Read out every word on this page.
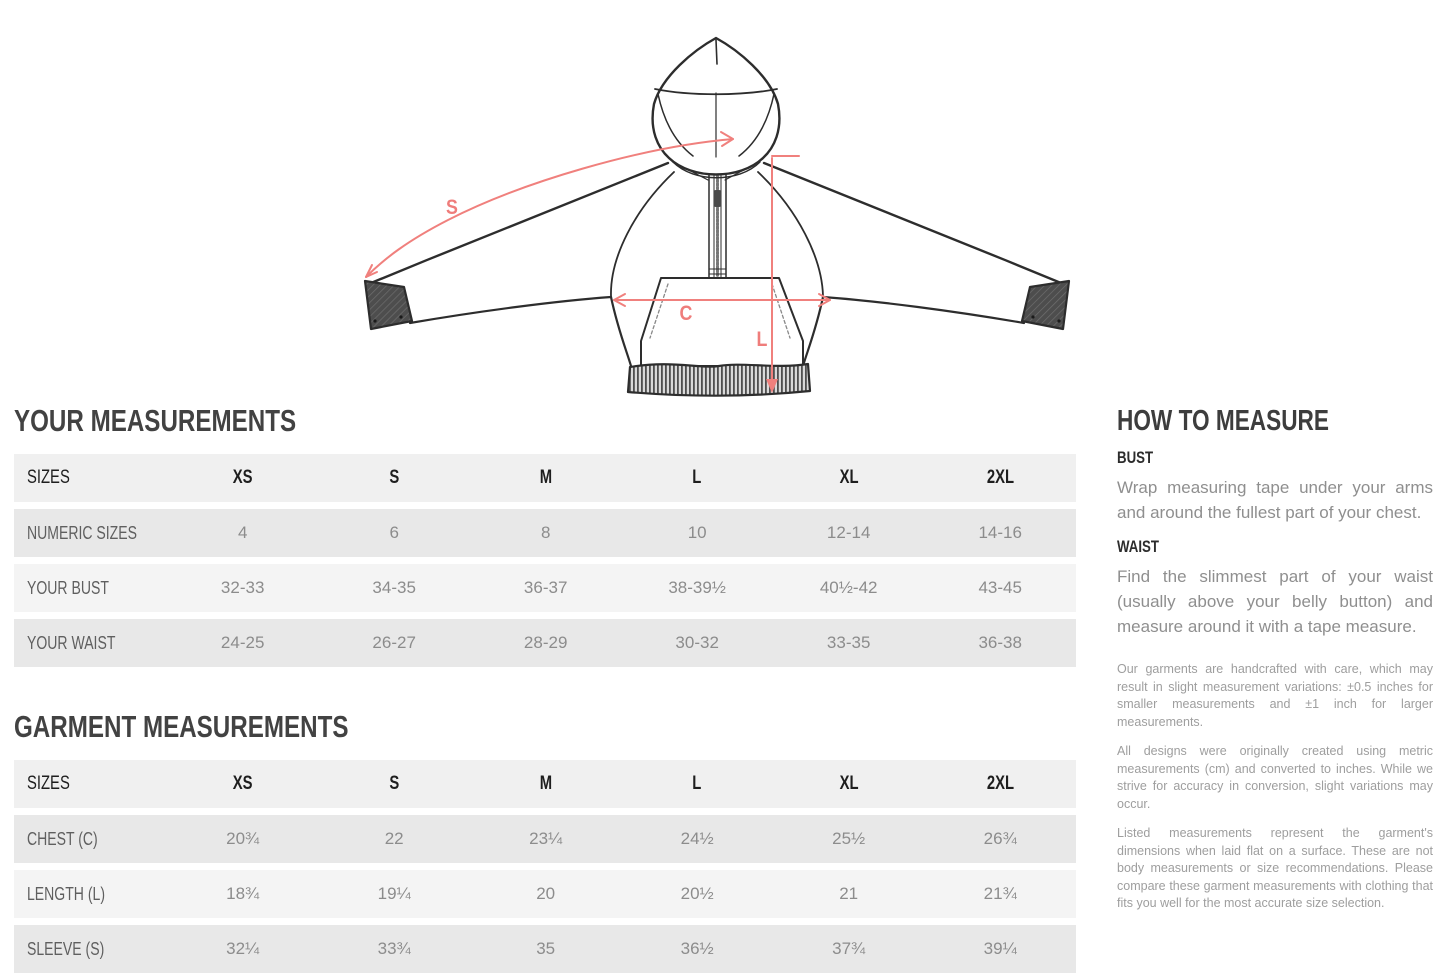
S
C
L
YOUR MEASUREMENTS
SIZES	XS	S	M	L	XL	2XL
NUMERIC SIZES	4	6	8	10	12-14	14-16
YOUR BUST	32-33	34-35	36-37	38-39½	40½-42	43-45
YOUR WAIST	24-25	26-27	28-29	30-32	33-35	36-38
GARMENT MEASUREMENTS
SIZES	XS	S	M	L	XL	2XL
CHEST (C)	20¾	22	23¼	24½	25½	26¾
LENGTH (L)	18¾	19¼	20	20½	21	21¾
SLEEVE (S)	32¼	33¾	35	36½	37¾	39¼
HOW TO MEASURE
BUST

Wrap measuring tape under your arms and around the fullest part of your chest.

WAIST

Find the slimmest part of your waist (usually above your belly button) and measure around it with a tape measure.

Our garments are handcrafted with care, which may result in slight measurement variations: ±0.5 inches for smaller measurements and ±1 inch for larger measurements.

All designs were originally created using metric measurements (cm) and converted to inches. While we strive for accuracy in conversion, slight variations may occur.

Listed measurements represent the garment's dimensions when laid flat on a surface. These are not body measurements or size recommendations. Please compare these garment measurements with clothing that fits you well for the most accurate size selection.
